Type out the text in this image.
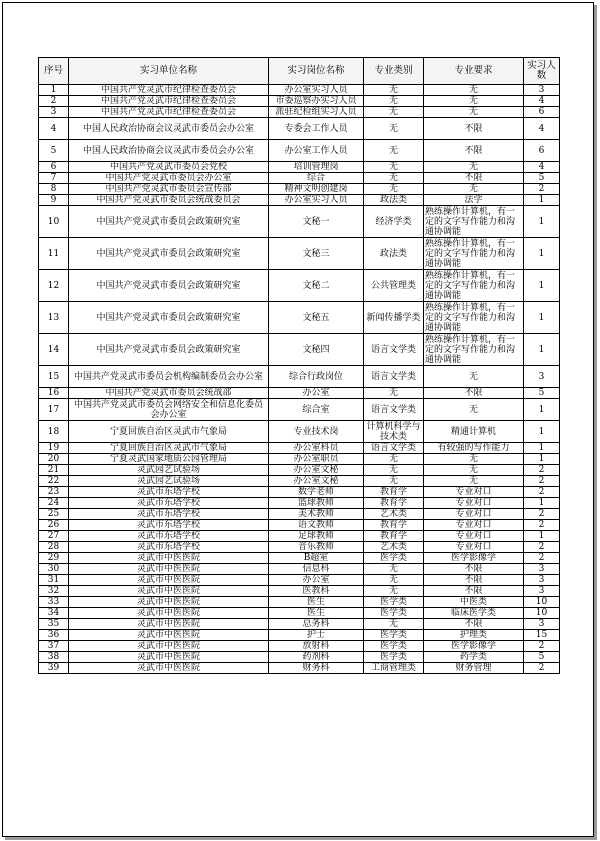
序号	实习单位名称	实习岗位名称	专业类别	专业要求	实习人数
1	中国共产党灵武市纪律检查委员会	办公室实习人员	无	无	3
2	中国共产党灵武市纪律检查委员会	市委巡察办实习人员	无	无	4
3	中国共产党灵武市纪律检查委员会	派驻纪检组实习人员	无	无	6
4	中国人民政治协商会议灵武市委员会办公室	专委会工作人员	无	不限	4
5	中国人民政治协商会议灵武市委员会办公室	办公室工作人员	无	不限	6
6	中国共产党灵武市委员会党校	培训管理岗	无	无	4
7	中国共产党灵武市委员会办公室	综合	无	不限	5
8	中国共产党灵武市委员会宣传部	精神文明创建岗	无	无	2
9	中国共产党灵武市委员会统战委员会	办公室实习人员	政法类	法学	1
10	中国共产党灵武市委员会政策研究室	文秘一	经济学类	熟练操作计算机，有一定的文字写作能力和沟通协调能	1
11	中国共产党灵武市委员会政策研究室	文秘三	政法类	熟练操作计算机，有一定的文字写作能力和沟通协调能	1
12	中国共产党灵武市委员会政策研究室	文秘二	公共管理类	熟练操作计算机，有一定的文字写作能力和沟通协调能	1
13	中国共产党灵武市委员会政策研究室	文秘五	新闻传播学类	熟练操作计算机，有一定的文字写作能力和沟通协调能	1
14	中国共产党灵武市委员会政策研究室	文秘四	语言文学类	熟练操作计算机，有一定的文字写作能力和沟通协调能	1
15	中国共产党灵武市委员会机构编制委员会办公室	综合行政岗位	语言文学类	无	3
16	中国共产党灵武市委员会统战部	办公室	无	不限	5
17	中国共产党灵武市委员会网络安全和信息化委员会办公室	综合室	语言文学类	无	1
18	宁夏回族自治区灵武市气象局	专业技术岗	计算机科学与技术类	精通计算机	1
19	宁夏回族自治区灵武市气象局	办公室科员	语言文学类	有较强的写作能力	1
20	宁夏灵武国家地质公园管理局	办公室职员	无	无	1
21	灵武园艺试验场	办公室文秘	无	无	2
22	灵武园艺试验场	办公室文秘	无	无	2
23	灵武市东塔学校	数学老师	教育学	专业对口	2
24	灵武市东塔学校	篮球教师	教育学	专业对口	1
25	灵武市东塔学校	美术教师	艺术类	专业对口	2
26	灵武市东塔学校	语文教师	教育学	专业对口	2
27	灵武市东塔学校	足球教师	教育学	专业对口	1
28	灵武市东塔学校	音乐教师	艺术类	专业对口	2
29	灵武市中医医院	B超室	医学类	医学影像学	2
30	灵武市中医医院	信息科	无	不限	3
31	灵武市中医医院	办公室	无	不限	3
32	灵武市中医医院	医教科	无	不限	3
33	灵武市中医医院	医生	医学类	中医类	10
34	灵武市中医医院	医生	医学类	临床医学类	10
35	灵武市中医医院	总务科	无	不限	3
36	灵武市中医医院	护士	医学类	护理类	15
37	灵武市中医医院	放射科	医学类	医学影像学	2
38	灵武市中医医院	药剂科	医学类	药学类	5
39	灵武市中医医院	财务科	工商管理类	财务管理	2
